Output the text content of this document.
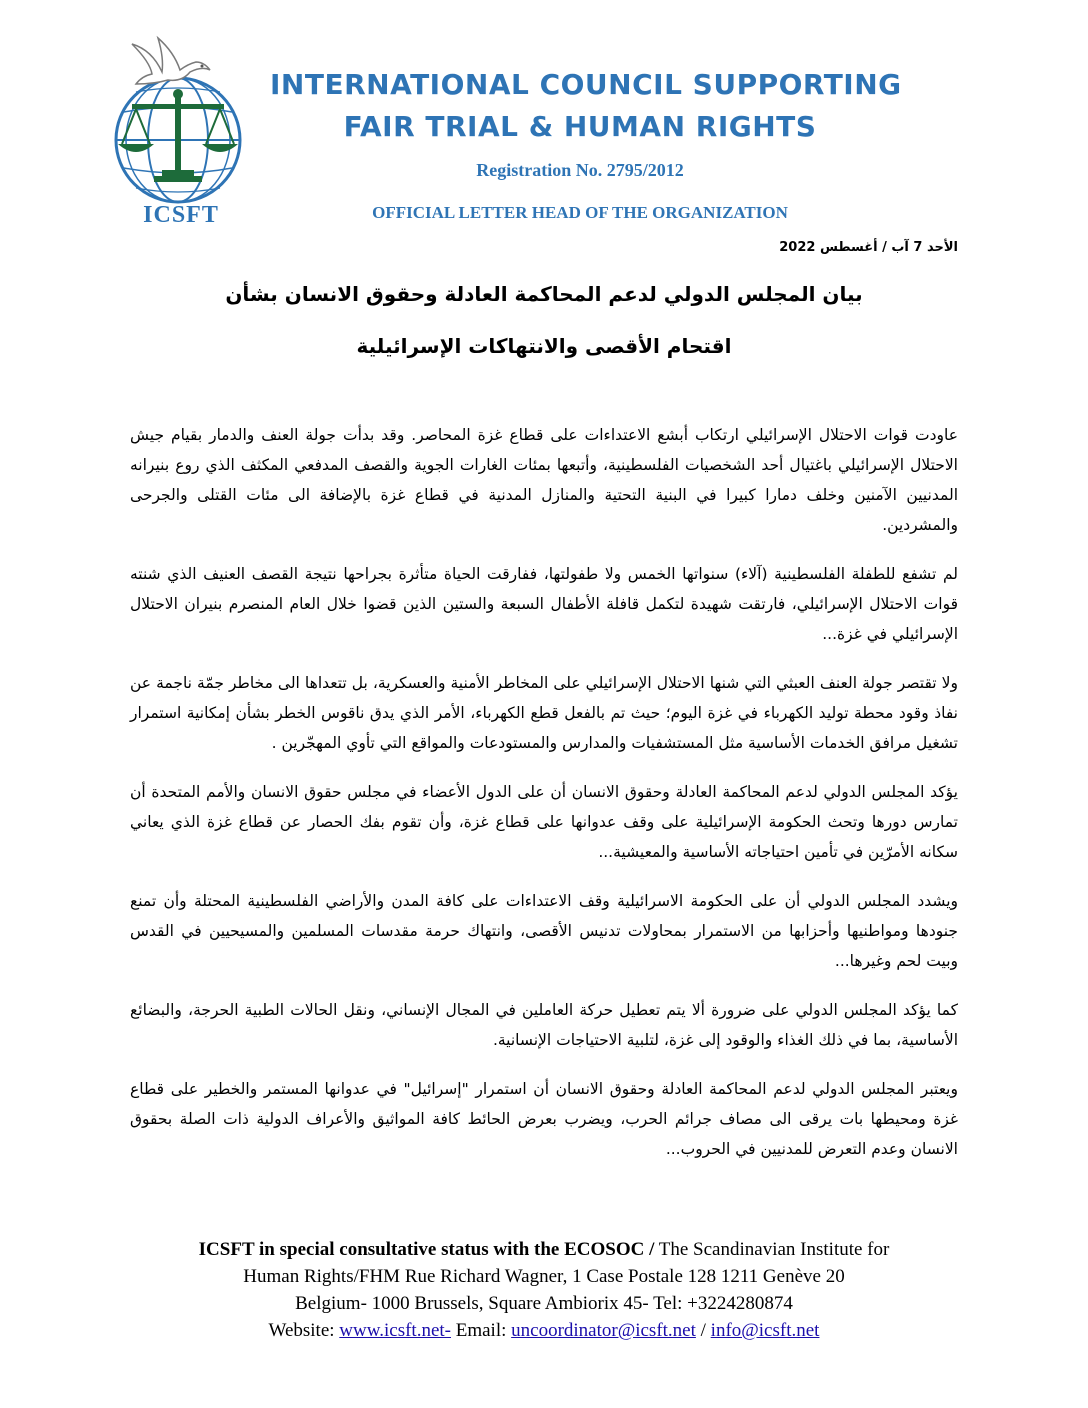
ICSFT
INTERNATIONAL COUNCIL SUPPORTING
FAIR TRIAL & HUMAN RIGHTS
Registration No. 2795/2012
OFFICIAL LETTER HEAD OF THE ORGANIZATION
الأحد 7 آب / أغسطس 2022
بيان المجلس الدولي لدعم المحاكمة العادلة وحقوق الانسان بشأن
اقتحام الأقصى والانتهاكات الإسرائيلية

عاودت قوات الاحتلال الإسرائيلي ارتكاب أبشع الاعتداءات على قطاع غزة المحاصر. وقد بدأت جولة العنف والدمار بقيام جيش الاحتلال الإسرائيلي باغتيال أحد الشخصيات الفلسطينية، وأتبعها بمئات الغارات الجوية والقصف المدفعي المكثف الذي روع بنيرانه المدنيين الآمنين وخلف دمارا كبيرا في البنية التحتية والمنازل المدنية في قطاع غزة بالإضافة الى مئات القتلى والجرحى والمشردين.

لم تشفع للطفلة الفلسطينية (آلاء) سنواتها الخمس ولا طفولتها، ففارقت الحياة متأثرة بجراحها نتيجة القصف العنيف الذي شنته قوات الاحتلال الإسرائيلي، فارتقت شهيدة لتكمل قافلة الأطفال السبعة والستين الذين قضوا خلال العام المنصرم بنيران الاحتلال الإسرائيلي في غزة...

ولا تقتصر جولة العنف العبثي التي شنها الاحتلال الإسرائيلي على المخاطر الأمنية والعسكرية، بل تتعداها الى مخاطر جمّة ناجمة عن نفاذ وقود محطة توليد الكهرباء في غزة اليوم؛ حيث تم بالفعل قطع الكهرباء، الأمر الذي يدق ناقوس الخطر بشأن إمكانية استمرار تشغيل مرافق الخدمات الأساسية مثل المستشفيات والمدارس والمستودعات والمواقع التي تأوي المهجّرين .

يؤكد المجلس الدولي لدعم المحاكمة العادلة وحقوق الانسان أن على الدول الأعضاء في مجلس حقوق الانسان والأمم المتحدة أن تمارس دورها وتحث الحكومة الإسرائيلية على وقف عدوانها على قطاع غزة، وأن تقوم بفك الحصار عن قطاع غزة الذي يعاني سكانه الأمرّين في تأمين احتياجاته الأساسية والمعيشية...

ويشدد المجلس الدولي أن على الحكومة الاسرائيلية وقف الاعتداءات على كافة المدن والأراضي الفلسطينية المحتلة وأن تمنع جنودها ومواطنيها وأحزابها من الاستمرار بمحاولات تدنيس الأقصى، وانتهاك حرمة مقدسات المسلمين والمسيحيين في القدس وبيت لحم وغيرها...

كما يؤكد المجلس الدولي على ضرورة ألا يتم تعطيل حركة العاملين في المجال الإنساني، ونقل الحالات الطبية الحرجة، والبضائع الأساسية، بما في ذلك الغذاء والوقود إلى غزة، لتلبية الاحتياجات الإنسانية.

ويعتبر المجلس الدولي لدعم المحاكمة العادلة وحقوق الانسان أن استمرار "إسرائيل" في عدوانها المستمر والخطير على قطاع غزة ومحيطها بات يرقى الى مصاف جرائم الحرب، ويضرب بعرض الحائط كافة المواثيق والأعراف الدولية ذات الصلة بحقوق الانسان وعدم التعرض للمدنيين في الحروب...

ICSFT in special consultative status with the ECOSOC / The Scandinavian Institute for
Human Rights/FHM Rue Richard Wagner, 1 Case Postale 128 1211 Genève 20
Belgium- 1000 Brussels, Square Ambiorix 45- Tel: +3224280874
Website: www.icsft.net- Email: uncoordinator@icsft.net / info@icsft.net
